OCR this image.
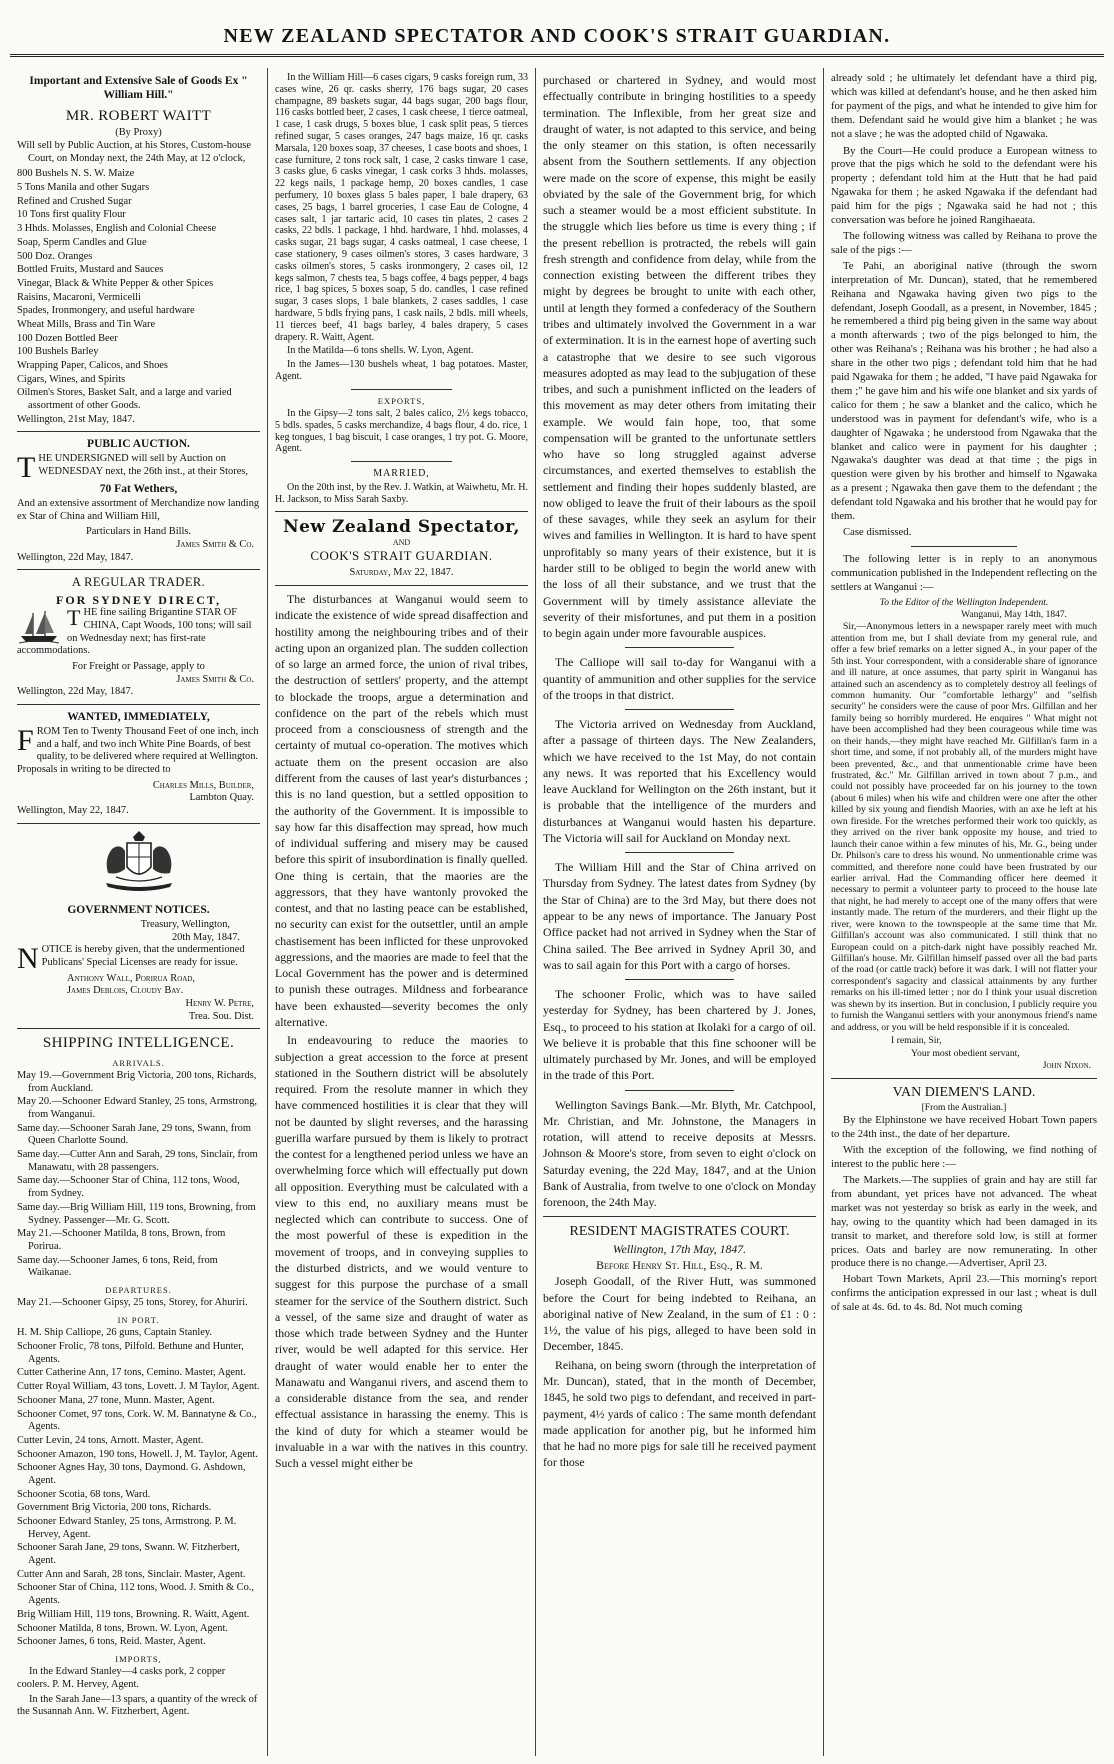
NEW ZEALAND SPECTATOR AND COOK'S STRAIT GUARDIAN.
Important and Extensive Sale of Goods Ex " William Hill."
MR. ROBERT WAITT
(By Proxy)

Will sell by Public Auction, at his Stores, Custom-house Court, on Monday next, the 24th May, at 12 o'clock,

800 Bushels N. S. W. Maize
5 Tons Manila and other Sugars
Refined and Crushed Sugar
10 Tons first quality Flour
3 Hhds. Molasses, English and Colonial Cheese
Soap, Sperm Candles and Glue
500 Doz. Oranges
Bottled Fruits, Mustard and Sauces
Vinegar, Black & White Pepper & other Spices
Raisins, Macaroni, Vermicelli
Spades, Ironmongery, and useful hardware
Wheat Mills, Brass and Tin Ware
100 Dozen Bottled Beer
100 Bushels Barley
Wrapping Paper, Calicos, and Shoes
Cigars, Wines, and Spirits
Oilmen's Stores, Basket Salt, and a large and varied assortment of other Goods.
Wellington, 21st May, 1847.
PUBLIC AUCTION.

THE UNDERSIGNED will sell by Auction on WEDNESDAY next, the 26th inst., at their Stores,

70 Fat Wethers,

And an extensive assortment of Merchandize now landing ex Star of China and William Hill,

Particulars in Hand Bills.
James Smith & Co.
Wellington, 22d May, 1847.
A REGULAR TRADER.
FOR SYDNEY DIRECT,

THE fine sailing Brigantine STAR OF CHINA, Capt Woods, 100 tons; will sail on Wednesday next; has first-rate accommodations.

For Freight or Passage, apply to
James Smith & Co.
Wellington, 22d May, 1847.
WANTED, IMMEDIATELY,

FROM Ten to Twenty Thousand Feet of one inch, inch and a half, and two inch White Pine Boards, of best quality, to be delivered where required at Wellington. Proposals in writing to be directed to

Charles Mills, Builder,
Lambton Quay.
Wellington, May 22, 1847.
GOVERNMENT NOTICES.
Treasury, Wellington,
20th May, 1847.

NOTICE is hereby given, that the undermentioned Publicans' Special Licenses are ready for issue.

Anthony Wall, Porirua Road,
James Deblois, Cloudy Bay.
Henry W. Petre,
Trea. Sou. Dist.
SHIPPING INTELLIGENCE.
ARRIVALS.
May 19.—Government Brig Victoria, 200 tons, Richards, from Auckland.
May 20.—Schooner Edward Stanley, 25 tons, Armstrong, from Wanganui.
Same day.—Schooner Sarah Jane, 29 tons, Swann, from Queen Charlotte Sound.
Same day.—Cutter Ann and Sarah, 29 tons, Sinclair, from Manawatu, with 28 passengers.
Same day.—Schooner Star of China, 112 tons, Wood, from Sydney.
Same day.—Brig William Hill, 119 tons, Browning, from Sydney. Passenger—Mr. G. Scott.
May 21.—Schooner Matilda, 8 tons, Brown, from Porirua.
Same day.—Schooner James, 6 tons, Reid, from Waikanae.
DEPARTURES.
May 21.—Schooner Gipsy, 25 tons, Storey, for Ahuriri.
IN PORT.
H. M. Ship Calliope, 26 guns, Captain Stanley.
Schooner Frolic, 78 tons, Pilfold. Bethune and Hunter, Agents.
Cutter Catherine Ann, 17 tons, Cemino. Master, Agent.
Cutter Royal William, 43 tons, Lovett. J. M Taylor, Agent.
Schooner Mana, 27 tone, Munn. Master, Agent.
Schooner Comet, 97 tons, Cork. W. M. Bannatyne & Co., Agents.
Cutter Levin, 24 tons, Arnott. Master, Agent.
Schooner Amazon, 190 tons, Howell. J, M. Taylor, Agent.
Schooner Agnes Hay, 30 tons, Daymond. G. Ashdown, Agent.
Schooner Scotia, 68 tons, Ward.
Government Brig Victoria, 200 tons, Richards.
Schooner Edward Stanley, 25 tons, Armstrong. P. M. Hervey, Agent.
Schooner Sarah Jane, 29 tons, Swann. W. Fitzherbert, Agent.
Cutter Ann and Sarah, 28 tons, Sinclair. Master, Agent.
Schooner Star of China, 112 tons, Wood. J. Smith & Co., Agents.
Brig William Hill, 119 tons, Browning. R. Waitt, Agent.
Schooner Matilda, 8 tons, Brown. W. Lyon, Agent.
Schooner James, 6 tons, Reid. Master, Agent.
IMPORTS,
In the Edward Stanley—4 casks pork, 2 copper coolers. P. M. Hervey, Agent.
In the Sarah Jane—13 spars, a quantity of the wreck of the Susannah Ann. W. Fitzherbert, Agent.

In the William Hill—6 cases cigars, 9 casks foreign rum, 33 cases wine, 26 qr. casks sherry, 176 bags sugar, 20 cases champagne, 89 baskets sugar, 44 bags sugar, 200 bags flour, 116 casks bottled beer, 2 cases, 1 cask cheese, 1 tierce oatmeal, 1 case, 1 cask drugs, 5 boxes blue, 1 cask split peas, 5 tierces refined sugar, 5 cases oranges, 247 bags maize, 16 qr. casks Marsala, 120 boxes soap, 37 cheeses, 1 case boots and shoes, 1 case furniture, 2 tons rock salt, 1 case, 2 casks tinware 1 case, 3 casks glue, 6 casks vinegar, 1 cask corks 3 hhds. molasses, 22 kegs nails, 1 package hemp, 20 boxes candles, 1 case perfumery, 10 boxes glass 5 bales paper, 1 bale drapery, 63 cases, 25 bags, 1 barrel groceries, 1 case Eau de Cologne, 4 cases salt, 1 jar tartaric acid, 10 cases tin plates, 2 cases 2 casks, 22 bdls. 1 package, 1 hhd. hardware, 1 hhd. molasses, 4 casks sugar, 21 bags sugar, 4 casks oatmeal, 1 case cheese, 1 case stationery, 9 cases oilmen's stores, 3 cases hardware, 3 casks oilmen's stores, 5 casks ironmongery, 2 cases oil, 12 kegs salmon, 7 chests tea, 5 bags coffee, 4 bags pepper, 4 bags rice, 1 bag spices, 5 boxes soap, 5 do. candles, 1 case refined sugar, 3 cases slops, 1 bale blankets, 2 cases saddles, 1 case hardware, 5 bdls frying pans, 1 cask nails, 2 bdls. mill wheels, 11 tierces beef, 41 bags barley, 4 bales drapery, 5 cases drapery. R. Waitt, Agent.

In the Matilda—6 tons shells. W. Lyon, Agent.

In the James—130 bushels wheat, 1 bag potatoes. Master, Agent.

EXPORTS,

In the Gipsy—2 tons salt, 2 bales calico, 2½ kegs tobacco, 5 bdls. spades, 5 casks merchandize, 4 bags flour, 4 do. rice, 1 keg tongues, 1 bag biscuit, 1 case oranges, 1 try pot. G. Moore, Agent.

MARRIED,

On the 20th inst, by the Rev. J. Watkin, at Waiwhetu, Mr. H. H. Jackson, to Miss Sarah Saxby.

New Zealand Spectator,
AND
COOK'S STRAIT GUARDIAN.
Saturday, May 22, 1847.

The disturbances at Wanganui would seem to indicate the existence of wide spread disaffection and hostility among the neighbouring tribes and of their acting upon an organized plan. The sudden collection of so large an armed force, the union of rival tribes, the destruction of settlers' property, and the attempt to blockade the troops, argue a determination and confidence on the part of the rebels which must proceed from a consciousness of strength and the certainty of mutual co-operation. The motives which actuate them on the present occasion are also different from the causes of last year's disturbances ; this is no land question, but a settled opposition to the authority of the Government. It is impossible to say how far this disaffection may spread, how much of individual suffering and misery may be caused before this spirit of insubordination is finally quelled. One thing is certain, that the maories are the aggressors, that they have wantonly provoked the contest, and that no lasting peace can be established, no security can exist for the outsettler, until an ample chastisement has been inflicted for these unprovoked aggressions, and the maories are made to feel that the Local Government has the power and is determined to punish these outrages. Mildness and forbearance have been exhausted—severity becomes the only alternative.

In endeavouring to reduce the maories to subjection a great accession to the force at present stationed in the Southern district will be absolutely required. From the resolute manner in which they have commenced hostilities it is clear that they will not be daunted by slight reverses, and the harassing guerilla warfare pursued by them is likely to protract the contest for a lengthened period unless we have an overwhelming force which will effectually put down all opposition. Everything must be calculated with a view to this end, no auxiliary means must be neglected which can contribute to success. One of the most powerful of these is expedition in the movement of troops, and in conveying supplies to the disturbed districts, and we would venture to suggest for this purpose the purchase of a small steamer for the service of the Southern district. Such a vessel, of the same size and draught of water as those which trade between Sydney and the Hunter river, would be well adapted for this service. Her draught of water would enable her to enter the Manawatu and Wanganui rivers, and ascend them to a considerable distance from the sea, and render effectual assistance in harassing the enemy. This is the kind of duty for which a steamer would be invaluable in a war with the natives in this country. Such a vessel might either be

purchased or chartered in Sydney, and would most effectually contribute in bringing hostilities to a speedy termination. The Inflexible, from her great size and draught of water, is not adapted to this service, and being the only steamer on this station, is often necessarily absent from the Southern settlements. If any objection were made on the score of expense, this might be easily obviated by the sale of the Government brig, for which such a steamer would be a most efficient substitute. In the struggle which lies before us time is every thing ; if the present rebellion is protracted, the rebels will gain fresh strength and confidence from delay, while from the connection existing between the different tribes they might by degrees be brought to unite with each other, until at length they formed a confederacy of the Southern tribes and ultimately involved the Government in a war of extermination. It is in the earnest hope of averting such a catastrophe that we desire to see such vigorous measures adopted as may lead to the subjugation of these tribes, and such a punishment inflicted on the leaders of this movement as may deter others from imitating their example. We would fain hope, too, that some compensation will be granted to the unfortunate settlers who have so long struggled against adverse circumstances, and exerted themselves to establish the settlement and finding their hopes suddenly blasted, are now obliged to leave the fruit of their labours as the spoil of these savages, while they seek an asylum for their wives and families in Wellington. It is hard to have spent unprofitably so many years of their existence, but it is harder still to be obliged to begin the world anew with the loss of all their substance, and we trust that the Government will by timely assistance alleviate the severity of their misfortunes, and put them in a position to begin again under more favourable auspices.

The Calliope will sail to-day for Wanganui with a quantity of ammunition and other supplies for the service of the troops in that district.

The Victoria arrived on Wednesday from Auckland, after a passage of thirteen days. The New Zealanders, which we have received to the 1st May, do not contain any news. It was reported that his Excellency would leave Auckland for Wellington on the 26th instant, but it is probable that the intelligence of the murders and disturbances at Wanganui would hasten his departure. The Victoria will sail for Auckland on Monday next.

The William Hill and the Star of China arrived on Thursday from Sydney. The latest dates from Sydney (by the Star of China) are to the 3rd May, but there does not appear to be any news of importance. The January Post Office packet had not arrived in Sydney when the Star of China sailed. The Bee arrived in Sydney April 30, and was to sail again for this Port with a cargo of horses.

The schooner Frolic, which was to have sailed yesterday for Sydney, has been chartered by J. Jones, Esq., to proceed to his station at Ikolaki for a cargo of oil. We believe it is probable that this fine schooner will be ultimately purchased by Mr. Jones, and will be employed in the trade of this Port.

Wellington Savings Bank.—Mr. Blyth, Mr. Catchpool, Mr. Christian, and Mr. Johnstone, the Managers in rotation, will attend to receive deposits at Messrs. Johnson & Moore's store, from seven to eight o'clock on Saturday evening, the 22d May, 1847, and at the Union Bank of Australia, from twelve to one o'clock on Monday forenoon, the 24th May.

RESIDENT MAGISTRATES COURT.
Wellington, 17th May, 1847.
Before Henry St. Hill, Esq., R. M.

Joseph Goodall, of the River Hutt, was summoned before the Court for being indebted to Reihana, an aboriginal native of New Zealand, in the sum of £1 : 0 : 1½, the value of his pigs, alleged to have been sold in December, 1845.

Reihana, on being sworn (through the interpretation of Mr. Duncan), stated, that in the month of December, 1845, he sold two pigs to defendant, and received in part-payment, 4½ yards of calico : The same month defendant made application for another pig, but he informed him that he had no more pigs for sale till he received payment for those

already sold ; he ultimately let defendant have a third pig, which was killed at defendant's house, and he then asked him for payment of the pigs, and what he intended to give him for them. Defendant said he would give him a blanket ; he was not a slave ; he was the adopted child of Ngawaka.

By the Court—He could produce a European witness to prove that the pigs which he sold to the defendant were his property ; defendant told him at the Hutt that he had paid Ngawaka for them ; he asked Ngawaka if the defendant had paid him for the pigs ; Ngawaka said he had not ; this conversation was before he joined Rangihaeata.

The following witness was called by Reihana to prove the sale of the pigs :—

Te Pahi, an aboriginal native (through the sworn interpretation of Mr. Duncan), stated, that he remembered Reihana and Ngawaka having given two pigs to the defendant, Joseph Goodall, as a present, in November, 1845 ; he remembered a third pig being given in the same way about a month afterwards ; two of the pigs belonged to him, the other was Reihana's ; Reihana was his brother ; he had also a share in the other two pigs ; defendant told him that he had paid Ngawaka for them ; he added, "I have paid Ngawaka for them ;" he gave him and his wife one blanket and six yards of calico for them ; he saw a blanket and the calico, which he understood was in payment for defendant's wife, who is a daughter of Ngawaka ; he understood from Ngawaka that the blanket and calico were in payment for his daughter ; Ngawaka's daughter was dead at that time ; the pigs in question were given by his brother and himself to Ngawaka as a present ; Ngawaka then gave them to the defendant ; the defendant told Ngawaka and his brother that he would pay for them.

Case dismissed.

The following letter is in reply to an anonymous communication published in the Independent reflecting on the settlers at Wanganui :—

To the Editor of the Wellington Independent.
Wanganui, May 14th, 1847.

Sir,—Anonymous letters in a newspaper rarely meet with much attention from me, but I shall deviate from my general rule, and offer a few brief remarks on a letter signed A., in your paper of the 5th inst. Your correspondent, with a considerable share of ignorance and ill nature, at once assumes, that party spirit in Wanganui has attained such an ascendency as to completely destroy all feelings of common humanity. Our "comfortable lethargy" and "selfish security" he considers were the cause of poor Mrs. Gilfillan and her family being so horribly murdered. He enquires " What might not have been accomplished had they been courageous while time was on their hands,—they might have reached Mr. Gilfillan's farm in a short time, and some, if not probably all, of the murders might have been prevented, &c., and that unmentionable crime have been frustrated, &c." Mr. Gilfillan arrived in town about 7 p.m., and could not possibly have proceeded far on his journey to the town (about 6 miles) when his wife and children were one after the other killed by six young and fiendish Maories, with an axe he left at his own fireside. For the wretches performed their work too quickly, as they arrived on the river bank opposite my house, and tried to launch their canoe within a few minutes of his, Mr. G., being under Dr. Philson's care to dress his wound. No unmentionable crime was committed, and therefore none could have been frustrated by our earlier arrival. Had the Commanding officer here deemed it necessary to permit a volunteer party to proceed to the house late that night, he had merely to accept one of the many offers that were instantly made. The return of the murderers, and their flight up the river, were known to the townspeople at the same time that Mr. Gilfillan's account was also communicated. I still think that no European could on a pitch-dark night have possibly reached Mr. Gilfillan's house. Mr. Gilfillan himself passed over all the bad parts of the road (or cattle track) before it was dark. I will not flatter your correspondent's sagacity and classical attainments by any further remarks on his ill-timed letter ; nor do I think your usual discretion was shewn by its insertion. But in conclusion, I publicly require you to furnish the Wanganui settlers with your anonymous friend's name and address, or you will be held responsible if it is concealed.

I remain, Sir,
Your most obedient servant,
John Nixon.
VAN DIEMEN'S LAND.
[From the Australian.]

By the Elphinstone we have received Hobart Town papers to the 24th inst., the date of her departure.

With the exception of the following, we find nothing of interest to the public here :—

The Markets.—The supplies of grain and hay are still far from abundant, yet prices have not advanced. The wheat market was not yesterday so brisk as early in the week, and hay, owing to the quantity which had been damaged in its transit to market, and therefore sold low, is still at former prices. Oats and barley are now remunerating. In other produce there is no change.—Advertiser, April 23.

Hobart Town Markets, April 23.—This morning's report confirms the anticipation expressed in our last ; wheat is dull of sale at 4s. 6d. to 4s. 8d. Not much coming
